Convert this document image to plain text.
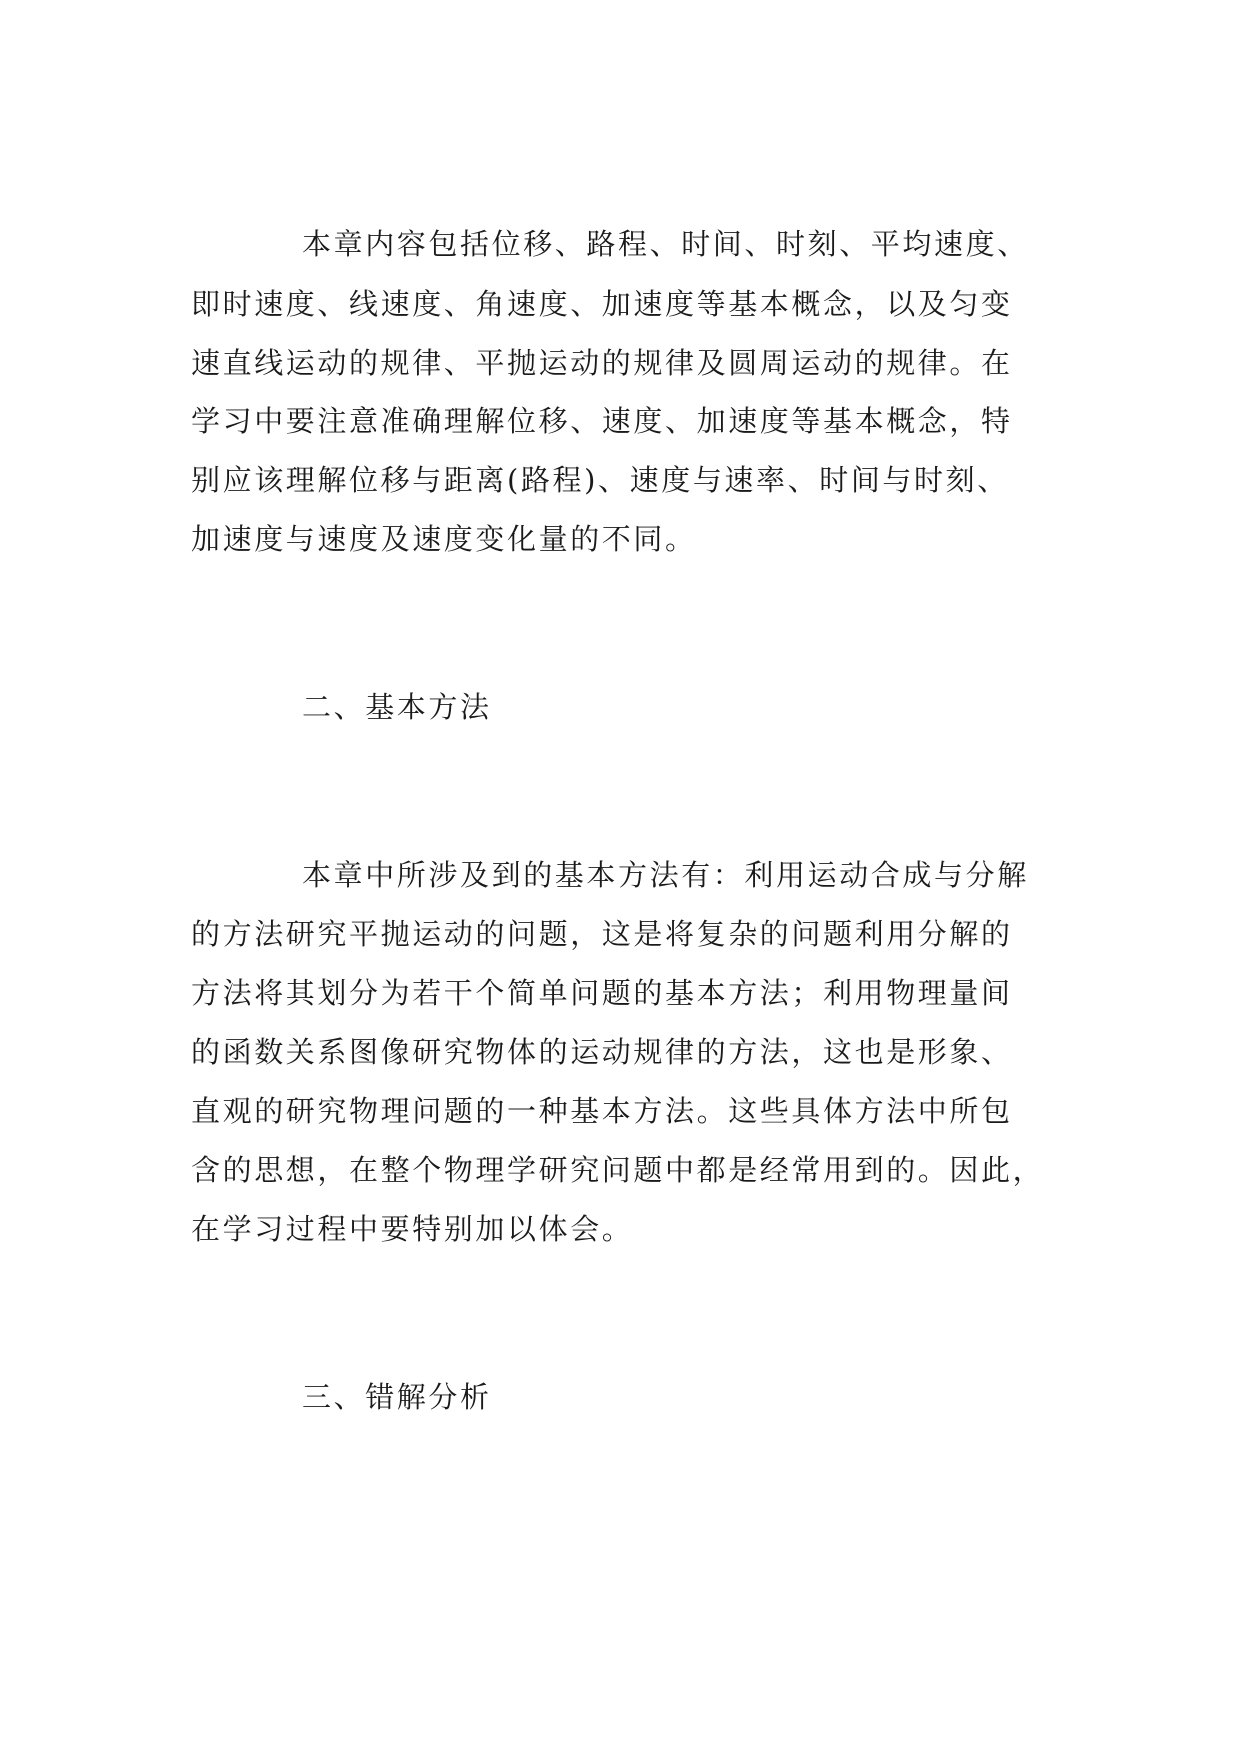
本章内容包括位移、路程、时间、时刻、平均速度、
即时速度、线速度、角速度、加速度等基本概念，以及匀变
速直线运动的规律、平抛运动的规律及圆周运动的规律。在
学习中要注意准确理解位移、速度、加速度等基本概念，特
别应该理解位移与距离(路程)、速度与速率、时间与时刻、
加速度与速度及速度变化量的不同。
二、基本方法
本章中所涉及到的基本方法有：利用运动合成与分解
的方法研究平抛运动的问题，这是将复杂的问题利用分解的
方法将其划分为若干个简单问题的基本方法；利用物理量间
的函数关系图像研究物体的运动规律的方法，这也是形象、
直观的研究物理问题的一种基本方法。这些具体方法中所包
含的思想，在整个物理学研究问题中都是经常用到的。因此，
在学习过程中要特别加以体会。
三、错解分析
